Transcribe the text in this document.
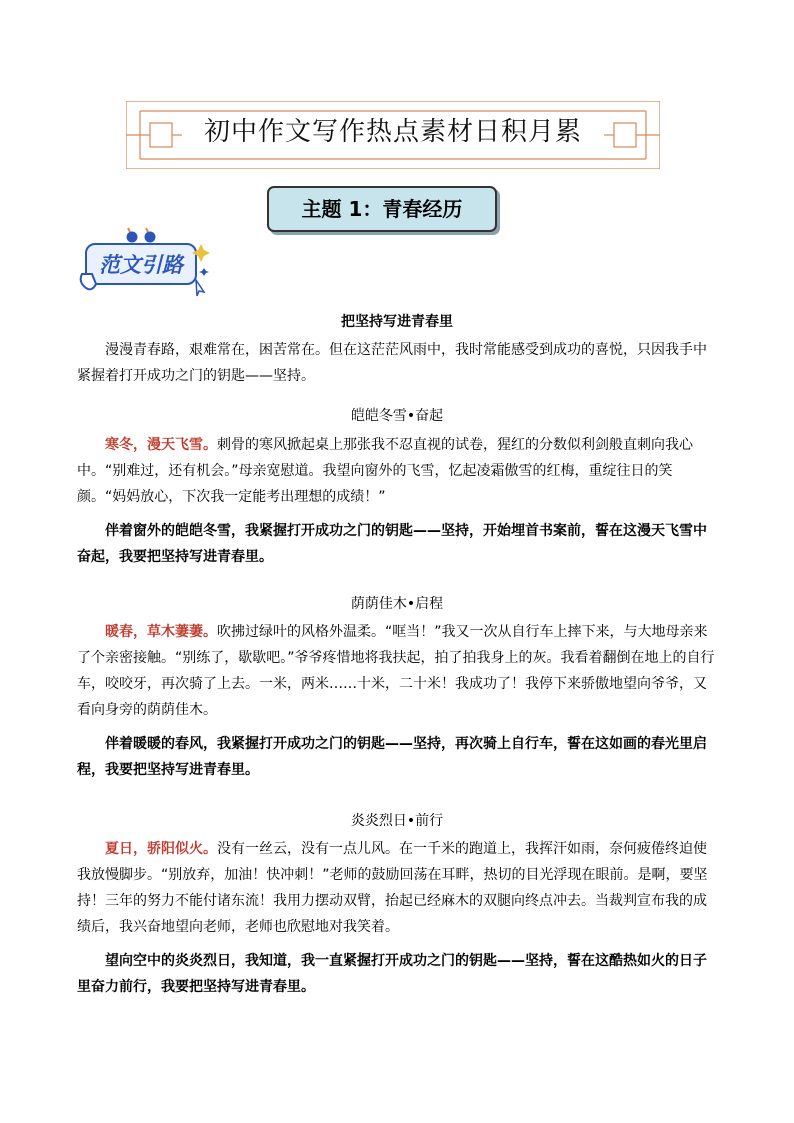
初中作文写作热点素材日积月累
主题 1：青春经历
范文引路
把坚持写进青春里

漫漫青春路，艰难常在，困苦常在。但在这茫茫风雨中，我时常能感受到成功的喜悦，只因我手中紧握着打开成功之门的钥匙——坚持。

皑皑冬雪•奋起

寒冬，漫天飞雪。刺骨的寒风掀起桌上那张我不忍直视的试卷，猩红的分数似利剑般直刺向我心中。“别难过，还有机会。”母亲宽慰道。我望向窗外的飞雪，忆起凌霜傲雪的红梅，重绽往日的笑颜。“妈妈放心，下次我一定能考出理想的成绩！”

伴着窗外的皑皑冬雪，我紧握打开成功之门的钥匙——坚持，开始埋首书案前，誓在这漫天飞雪中奋起，我要把坚持写进青春里。

荫荫佳木•启程

暖春，草木萋萋。吹拂过绿叶的风格外温柔。“哐当！”我又一次从自行车上摔下来，与大地母亲来了个亲密接触。“别练了，歇歇吧。”爷爷疼惜地将我扶起，拍了拍我身上的灰。我看着翻倒在地上的自行车，咬咬牙，再次骑了上去。一米，两米……十米，二十米！我成功了！我停下来骄傲地望向爷爷，又看向身旁的荫荫佳木。

伴着暖暖的春风，我紧握打开成功之门的钥匙——坚持，再次骑上自行车，誓在这如画的春光里启程，我要把坚持写进青春里。

炎炎烈日•前行

夏日，骄阳似火。没有一丝云，没有一点儿风。在一千米的跑道上，我挥汗如雨，奈何疲倦终迫使我放慢脚步。“别放弃，加油！快冲刺！”老师的鼓励回荡在耳畔，热切的目光浮现在眼前。是啊，要坚持！三年的努力不能付诸东流！我用力摆动双臂，抬起已经麻木的双腿向终点冲去。当裁判宣布我的成绩后，我兴奋地望向老师，老师也欣慰地对我笑着。

望向空中的炎炎烈日，我知道，我一直紧握打开成功之门的钥匙——坚持，誓在这酷热如火的日子里奋力前行，我要把坚持写进青春里。
